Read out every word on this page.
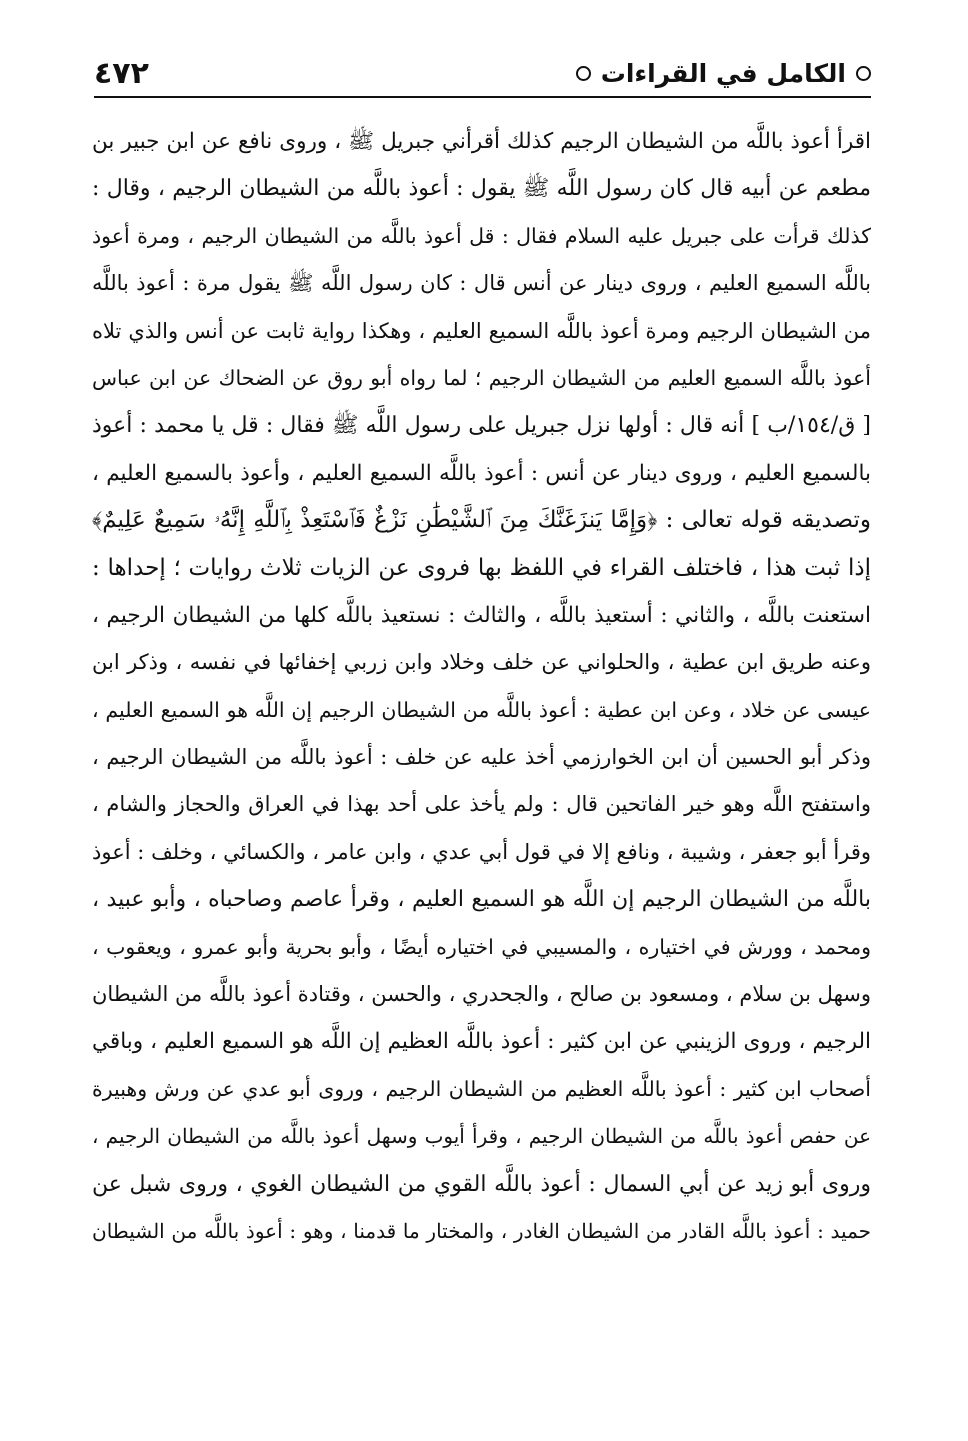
الكامل في القراءات
٤٧٢
اقرأ أعوذ باللَّه من الشيطان الرجيم كذلك أقرأني جبريل ﷺ ، وروى نافع عن ابن جبير بن
مطعم عن أبيه قال كان رسول اللَّه ﷺ يقول : أعوذ باللَّه من الشيطان الرجيم ، وقال :
كذلك قرأت على جبريل عليه السلام فقال : قل أعوذ باللَّه من الشيطان الرجيم ، ومرة أعوذ
باللَّه السميع العليم ، وروى دينار عن أنس قال : كان رسول اللَّه ﷺ يقول مرة : أعوذ باللَّه
من الشيطان الرجيم ومرة أعوذ باللَّه السميع العليم ، وهكذا رواية ثابت عن أنس والذي تلاه
أعوذ باللَّه السميع العليم من الشيطان الرجيم ؛ لما رواه أبو روق عن الضحاك عن ابن عباس
[ ق/١٥٤/ب ] أنه قال : أولها نزل جبريل على رسول اللَّه ﷺ فقال : قل يا محمد : أعوذ
بالسميع العليم ، وروى دينار عن أنس : أعوذ باللَّه السميع العليم ، وأعوذ بالسميع العليم ،
وتصديقه قوله تعالى : ﴿وَإِمَّا يَنزَغَنَّكَ مِنَ ٱلشَّيْطَٰنِ نَزْغٌ فَٱسْتَعِذْ بِٱللَّهِ إِنَّهُۥ سَمِيعٌ عَلِيمٌ﴾
إذا ثبت هذا ، فاختلف القراء في اللفظ بها فروى عن الزيات ثلاث روايات ؛ إحداها :
استعنت باللَّه ، والثاني : أستعيذ باللَّه ، والثالث : نستعيذ باللَّه كلها من الشيطان الرجيم ،
وعنه طريق ابن عطية ، والحلواني عن خلف وخلاد وابن زربي إخفائها في نفسه ، وذكر ابن
عيسى عن خلاد ، وعن ابن عطية : أعوذ باللَّه من الشيطان الرجيم إن اللَّه هو السميع العليم ،
وذكر أبو الحسين أن ابن الخوارزمي أخذ عليه عن خلف : أعوذ باللَّه من الشيطان الرجيم ،
واستفتح اللَّه وهو خير الفاتحين قال : ولم يأخذ على أحد بهذا في العراق والحجاز والشام ،
وقرأ أبو جعفر ، وشيبة ، ونافع إلا في قول أبي عدي ، وابن عامر ، والكسائي ، وخلف : أعوذ
باللَّه من الشيطان الرجيم إن اللَّه هو السميع العليم ، وقرأ عاصم وصاحباه ، وأبو عبيد ،
ومحمد ، وورش في اختياره ، والمسيبي في اختياره أيضًا ، وأبو بحرية وأبو عمرو ، ويعقوب ،
وسهل بن سلام ، ومسعود بن صالح ، والجحدري ، والحسن ، وقتادة أعوذ باللَّه من الشيطان
الرجيم ، وروى الزينبي عن ابن كثير : أعوذ باللَّه العظيم إن اللَّه هو السميع العليم ، وباقي
أصحاب ابن كثير : أعوذ باللَّه العظيم من الشيطان الرجيم ، وروى أبو عدي عن ورش وهبيرة
عن حفص أعوذ باللَّه من الشيطان الرجيم ، وقرأ أيوب وسهل أعوذ باللَّه من الشيطان الرجيم ،
وروى أبو زيد عن أبي السمال : أعوذ باللَّه القوي من الشيطان الغوي ، وروى شبل عن
حميد : أعوذ باللَّه القادر من الشيطان الغادر ، والمختار ما قدمنا ، وهو : أعوذ باللَّه من الشيطان
